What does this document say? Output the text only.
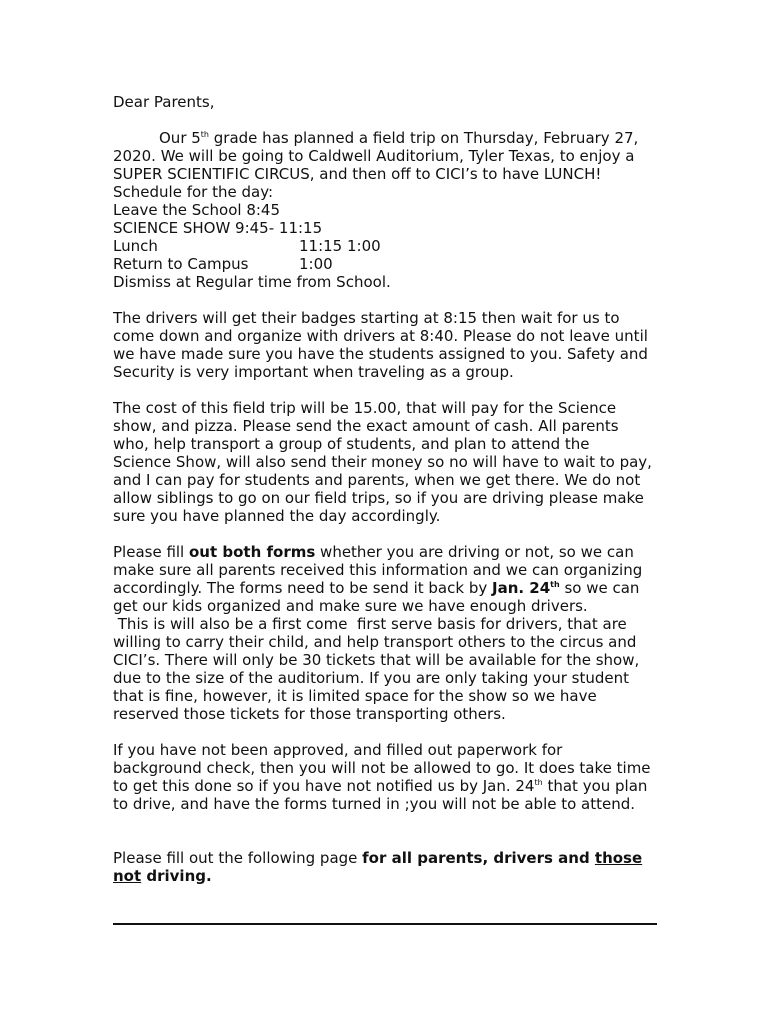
Dear Parents,

Our 5th grade has planned a field trip on Thursday, February 27,

2020. We will be going to Caldwell Auditorium, Tyler Texas, to enjoy a

SUPER SCIENTIFIC CIRCUS, and then off to CICI’s to have LUNCH!

Schedule for the day:

Leave the School 8:45

SCIENCE SHOW 9:45- 11:15

Lunch	11:15 1:00
Return to Campus	1:00

Dismiss at Regular time from School.

The drivers will get their badges starting at 8:15 then wait for us to

come down and organize with drivers at 8:40. Please do not leave until

we have made sure you have the students assigned to you. Safety and

Security is very important when traveling as a group.

The cost of this field trip will be 15.00, that will pay for the Science

show, and pizza. Please send the exact amount of cash. All parents

who, help transport a group of students, and plan to attend the

Science Show, will also send their money so no will have to wait to pay,

and I can pay for students and parents, when we get there. We do not

allow siblings to go on our field trips, so if you are driving please make

sure you have planned the day accordingly.

Please fill out both forms whether you are driving or not, so we can

make sure all parents received this information and we can organizing

accordingly. The forms need to be send it back by Jan. 24th so we can

get our kids organized and make sure we have enough drivers.

This is will also be a first come  first serve basis for drivers, that are

willing to carry their child, and help transport others to the circus and

CICI’s. There will only be 30 tickets that will be available for the show,

due to the size of the auditorium. If you are only taking your student

that is fine, however, it is limited space for the show so we have

reserved those tickets for those transporting others.

If you have not been approved, and filled out paperwork for

background check, then you will not be allowed to go. It does take time

to get this done so if you have not notified us by Jan. 24th that you plan

to drive, and have the forms turned in ;you will not be able to attend.

Please fill out the following page for all parents, drivers and those

not driving.
